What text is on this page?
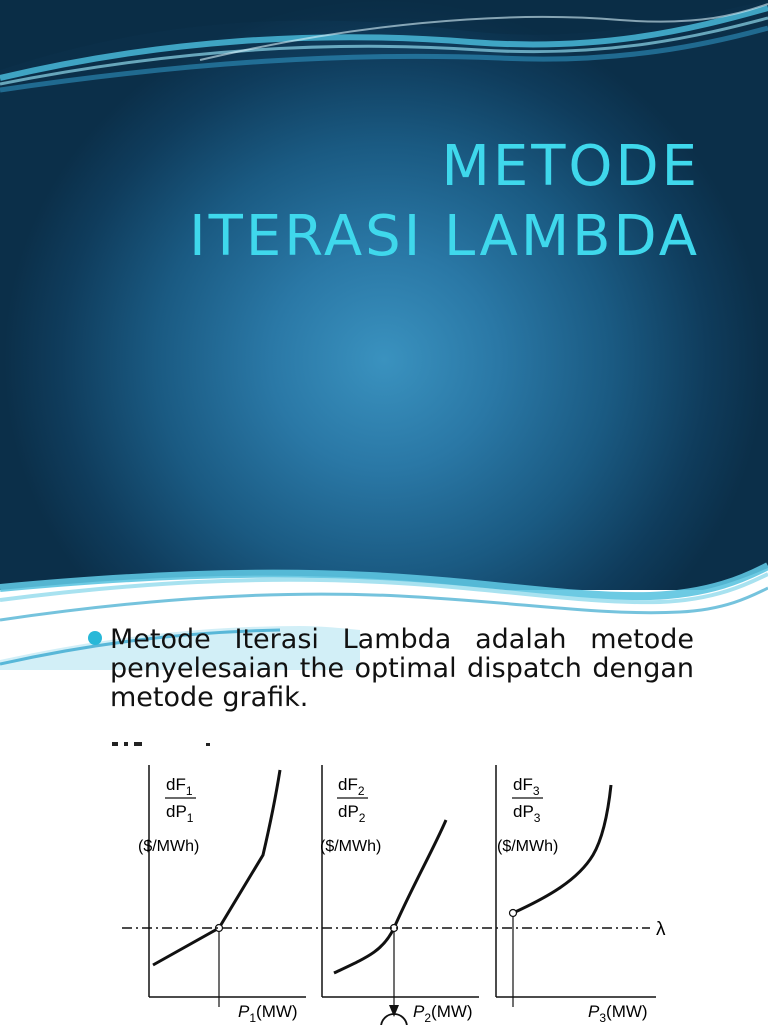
METODE
ITERASI LAMBDA

Metode Iterasi Lambda adalah metode penyelesaian the optimal dispatch dengan metode grafik.

$dF_1$
$dP_1$
($/MWh)
$P_1(MW)$
$dF_2$
$dP_2$
($/MWh)
$P_2(MW)$
$dF_3$
$dP_3$
($/MWh)
$P_3(MW)$
λ
